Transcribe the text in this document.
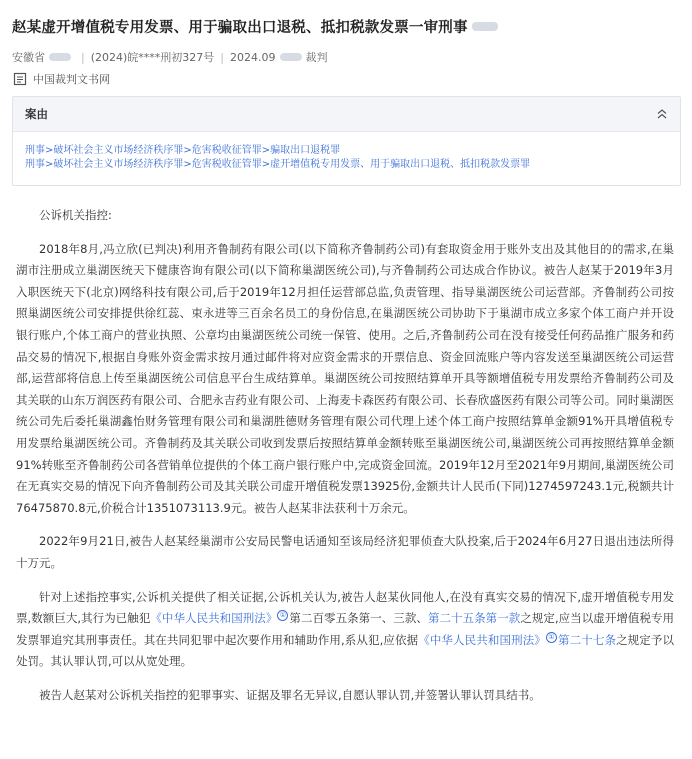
赵某虚开增值税专用发票、用于骗取出口退税、抵扣税款发票一审刑事
安徽省	| (2024)皖****刑初327号 | 2024.09	裁判
中国裁判文书网
案由
刑事>破坏社会主义市场经济秩序罪>危害税收征管罪>骗取出口退税罪
刑事>破坏社会主义市场经济秩序罪>危害税收征管罪>虚开增值税专用发票、用于骗取出口退税、抵扣税款发票罪

公诉机关指控:

2018年8月,冯立欣(已判决)利用齐鲁制药有限公司(以下简称齐鲁制药公司)有套取资金用于账外支出及其他目的的需求,在巢湖市注册成立巢湖医统天下健康咨询有限公司(以下简称巢湖医统公司),与齐鲁制药公司达成合作协议。被告人赵某于2019年3月入职医统天下(北京)网络科技有限公司,后于2019年12月担任运营部总监,负责管理、指导巢湖医统公司运营部。齐鲁制药公司按照巢湖医统公司安排提供徐红蕊、束永进等三百余名员工的身份信息,在巢湖医统公司协助下于巢湖市成立多家个体工商户并开设银行账户,个体工商户的营业执照、公章均由巢湖医统公司统一保管、使用。之后,齐鲁制药公司在没有接受任何药品推广服务和药品交易的情况下,根据自身账外资金需求按月通过邮件将对应资金需求的开票信息、资金回流账户等内容发送至巢湖医统公司运营部,运营部将信息上传至巢湖医统公司信息平台生成结算单。巢湖医统公司按照结算单开具等额增值税专用发票给齐鲁制药公司及其关联的山东万润医药有限公司、合肥永吉药业有限公司、上海麦卡森医药有限公司、长春欣盛医药有限公司等公司。同时巢湖医统公司先后委托巢湖鑫怡财务管理有限公司和巢湖胜德财务管理有限公司代理上述个体工商户按照结算单金额91%开具增值税专用发票给巢湖医统公司。齐鲁制药及其关联公司收到发票后按照结算单金额转账至巢湖医统公司,巢湖医统公司再按照结算单金额91%转账至齐鲁制药公司各营销单位提供的个体工商户银行账户中,完成资金回流。2019年12月至2021年9月期间,巢湖医统公司在无真实交易的情况下向齐鲁制药公司及其关联公司虚开增值税发票13925份,金额共计人民币(下同)1274597243.1元,税额共计76475870.8元,价税合计1351073113.9元。被告人赵某非法获利十万余元。

2022年9月21日,被告人赵某经巢湖市公安局民警电话通知至该局经济犯罪侦查大队投案,后于2024年6月27日退出违法所得十万元。

针对上述指控事实,公诉机关提供了相关证据,公诉机关认为,被告人赵某伙同他人,在没有真实交易的情况下,虚开增值税专用发票,数额巨大,其行为已触犯《中华人民共和国刑法》 ① 第二百零五条第一、三款、第二十五条第一款之规定,应当以虚开增值税专用发票罪追究其刑事责任。其在共同犯罪中起次要作用和辅助作用,系从犯,应依据《中华人民共和国刑法》 ① 第二十七条之规定予以处罚。其认罪认罚,可以从宽处理。

被告人赵某对公诉机关指控的犯罪事实、证据及罪名无异议,自愿认罪认罚,并签署认罪认罚具结书。
